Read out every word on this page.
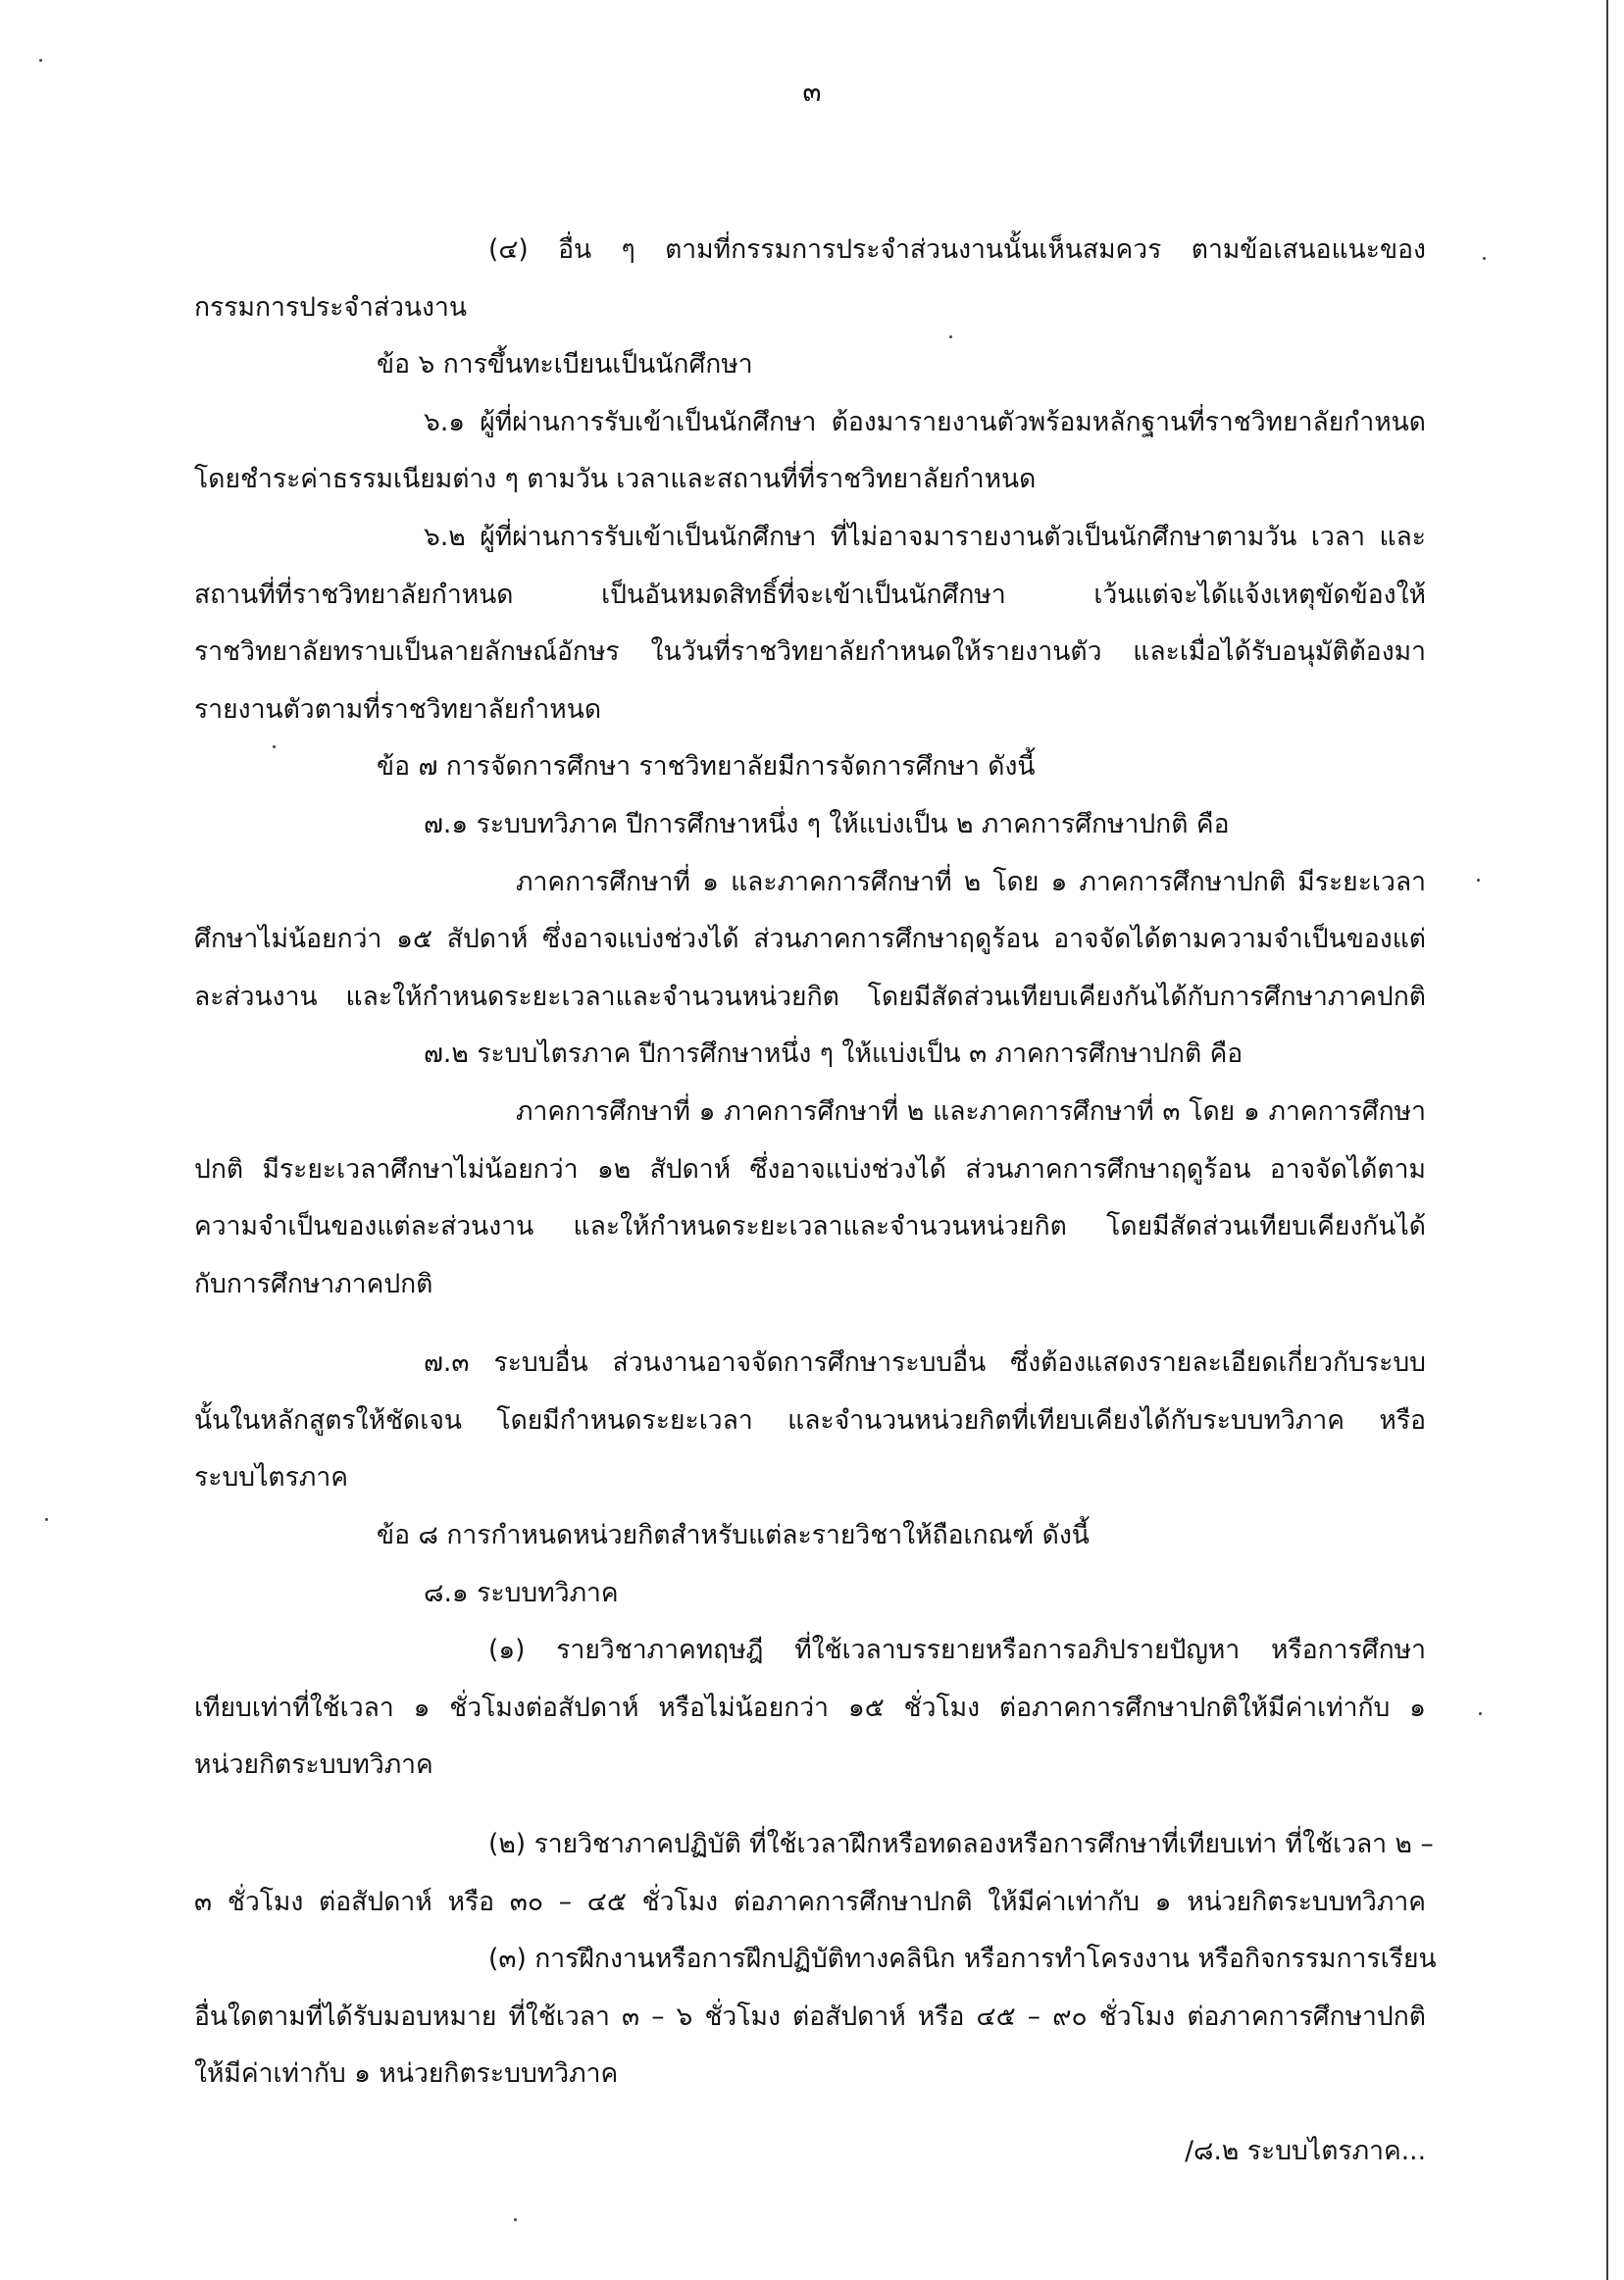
๓
(๔) อื่น ๆ ตามที่กรรมการประจำส่วนงานนั้นเห็นสมควร ตามข้อเสนอแนะของ
กรรมการประจำส่วนงาน
ข้อ ๖ การขึ้นทะเบียนเป็นนักศึกษา
๖.๑ ผู้ที่ผ่านการรับเข้าเป็นนักศึกษา ต้องมารายงานตัวพร้อมหลักฐานที่ราชวิทยาลัยกำหนด
โดยชำระค่าธรรมเนียมต่าง ๆ ตามวัน เวลาและสถานที่ที่ราชวิทยาลัยกำหนด
๖.๒ ผู้ที่ผ่านการรับเข้าเป็นนักศึกษา ที่ไม่อาจมารายงานตัวเป็นนักศึกษาตามวัน เวลา และ
สถานที่ที่ราชวิทยาลัยกำหนด เป็นอันหมดสิทธิ์ที่จะเข้าเป็นนักศึกษา เว้นแต่จะได้แจ้งเหตุขัดข้องให้
ราชวิทยาลัยทราบเป็นลายลักษณ์อักษร ในวันที่ราชวิทยาลัยกำหนดให้รายงานตัว และเมื่อได้รับอนุมัติต้องมา
รายงานตัวตามที่ราชวิทยาลัยกำหนด
ข้อ ๗ การจัดการศึกษา ราชวิทยาลัยมีการจัดการศึกษา ดังนี้
๗.๑ ระบบทวิภาค ปีการศึกษาหนึ่ง ๆ ให้แบ่งเป็น ๒ ภาคการศึกษาปกติ คือ
ภาคการศึกษาที่ ๑ และภาคการศึกษาที่ ๒ โดย ๑ ภาคการศึกษาปกติ มีระยะเวลา
ศึกษาไม่น้อยกว่า ๑๕ สัปดาห์ ซึ่งอาจแบ่งช่วงได้ ส่วนภาคการศึกษาฤดูร้อน อาจจัดได้ตามความจำเป็นของแต่
ละส่วนงาน และให้กำหนดระยะเวลาและจำนวนหน่วยกิต โดยมีสัดส่วนเทียบเคียงกันได้กับการศึกษาภาคปกติ
๗.๒ ระบบไตรภาค ปีการศึกษาหนึ่ง ๆ ให้แบ่งเป็น ๓ ภาคการศึกษาปกติ คือ
ภาคการศึกษาที่ ๑ ภาคการศึกษาที่ ๒ และภาคการศึกษาที่ ๓ โดย ๑ ภาคการศึกษา
ปกติ มีระยะเวลาศึกษาไม่น้อยกว่า ๑๒ สัปดาห์ ซึ่งอาจแบ่งช่วงได้ ส่วนภาคการศึกษาฤดูร้อน อาจจัดได้ตาม
ความจำเป็นของแต่ละส่วนงาน และให้กำหนดระยะเวลาและจำนวนหน่วยกิต โดยมีสัดส่วนเทียบเคียงกันได้
กับการศึกษาภาคปกติ
๗.๓ ระบบอื่น ส่วนงานอาจจัดการศึกษาระบบอื่น ซึ่งต้องแสดงรายละเอียดเกี่ยวกับระบบ
นั้นในหลักสูตรให้ชัดเจน โดยมีกำหนดระยะเวลา และจำนวนหน่วยกิตที่เทียบเคียงได้กับระบบทวิภาค หรือ
ระบบไตรภาค
ข้อ ๘ การกำหนดหน่วยกิตสำหรับแต่ละรายวิชาให้ถือเกณฑ์ ดังนี้
๘.๑ ระบบทวิภาค
(๑) รายวิชาภาคทฤษฎี ที่ใช้เวลาบรรยายหรือการอภิปรายปัญหา หรือการศึกษา
เทียบเท่าที่ใช้เวลา ๑ ชั่วโมงต่อสัปดาห์ หรือไม่น้อยกว่า ๑๕ ชั่วโมง ต่อภาคการศึกษาปกติให้มีค่าเท่ากับ ๑
หน่วยกิตระบบทวิภาค
(๒) รายวิชาภาคปฏิบัติ ที่ใช้เวลาฝึกหรือทดลองหรือการศึกษาที่เทียบเท่า ที่ใช้เวลา ๒ –
๓ ชั่วโมง ต่อสัปดาห์ หรือ ๓๐ – ๔๕ ชั่วโมง ต่อภาคการศึกษาปกติ ให้มีค่าเท่ากับ ๑ หน่วยกิตระบบทวิภาค
(๓) การฝึกงานหรือการฝึกปฏิบัติทางคลินิก หรือการทำโครงงาน หรือกิจกรรมการเรียน
อื่นใดตามที่ได้รับมอบหมาย ที่ใช้เวลา ๓ – ๖ ชั่วโมง ต่อสัปดาห์ หรือ ๔๕ – ๙๐ ชั่วโมง ต่อภาคการศึกษาปกติ
ให้มีค่าเท่ากับ ๑ หน่วยกิตระบบทวิภาค
/๘.๒ ระบบไตรภาค...
